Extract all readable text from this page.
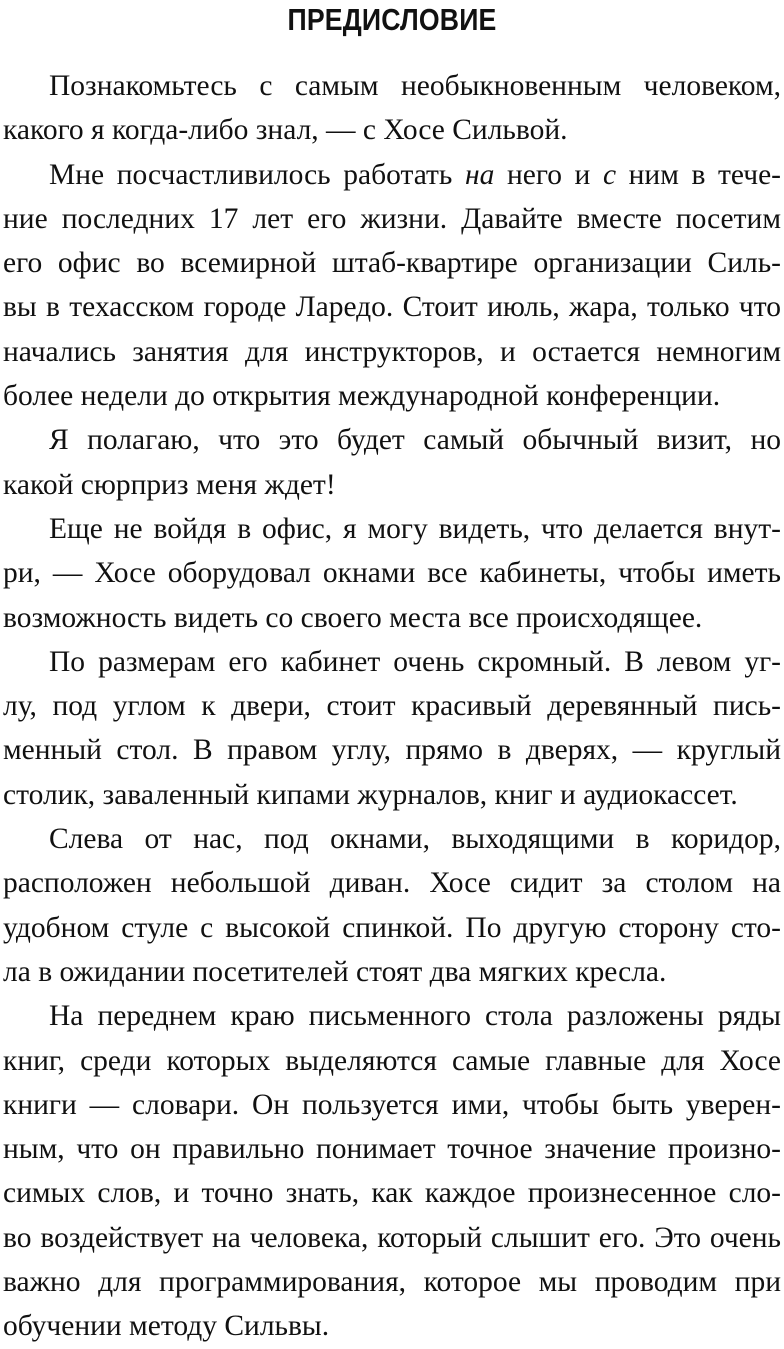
ПРЕДИСЛОВИЕ
Познакомьтесь с самым необыкновенным человеком,
какого я когда-либо знал, — с Хосе Сильвой.
Мне посчастливилось работать на него и с ним в тече-
ние последних 17 лет его жизни. Давайте вместе посетим
его офис во всемирной штаб-квартире организации Силь-
вы в техасском городе Ларедо. Стоит июль, жара, только что
начались занятия для инструкторов, и остается немногим
более недели до открытия международной конференции.
Я полагаю, что это будет самый обычный визит, но
какой сюрприз меня ждет!
Еще не войдя в офис, я могу видеть, что делается внут-
ри, — Хосе оборудовал окнами все кабинеты, чтобы иметь
возможность видеть со своего места все происходящее.
По размерам его кабинет очень скромный. В левом уг-
лу, под углом к двери, стоит красивый деревянный пись-
менный стол. В правом углу, прямо в дверях, — круглый
столик, заваленный кипами журналов, книг и аудиокассет.
Слева от нас, под окнами, выходящими в коридор,
расположен небольшой диван. Хосе сидит за столом на
удобном стуле с высокой спинкой. По другую сторону сто-
ла в ожидании посетителей стоят два мягких кресла.
На переднем краю письменного стола разложены ряды
книг, среди которых выделяются самые главные для Хосе
книги — словари. Он пользуется ими, чтобы быть уверен-
ным, что он правильно понимает точное значение произно-
симых слов, и точно знать, как каждое произнесенное сло-
во воздействует на человека, который слышит его. Это очень
важно для программирования, которое мы проводим при
обучении методу Сильвы.
